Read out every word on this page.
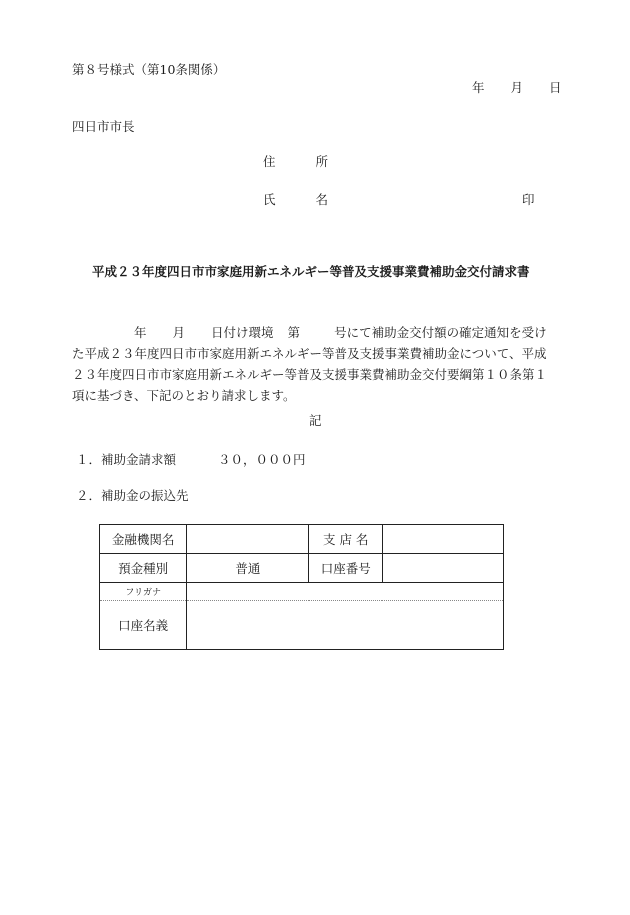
第８号様式（第10条関係）
年 月 日
四日市市長
住	所
氏	名	印
平成２３年度四日市市家庭用新エネルギー等普及支援事業費補助金交付請求書
年 月 日付け環境 第	号にて補助金交付額の確定通知を受け
た平成２３年度四日市市家庭用新エネルギー等普及支援事業費補助金について、平成
２３年度四日市市家庭用新エネルギー等普及支援事業費補助金交付要綱第１０条第１
項に基づき、下記のとおり請求します。
記
１．補助金請求額	３０，０００円
２．補助金の振込先
金融機関名		支 店 名	
預金種別	普通	口座番号	
フリガナ			
口座名義			
